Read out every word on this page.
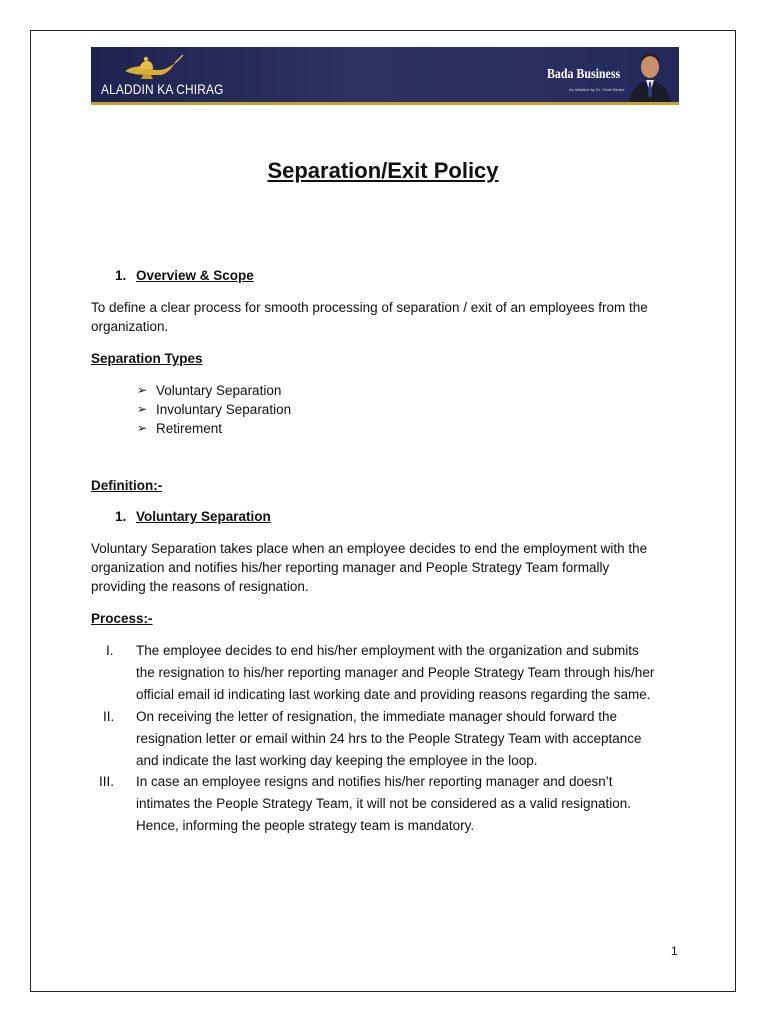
ALADDIN KA CHIRAG
Bada Business
An initiative by Dr. Vivek Bindra
Separation/Exit Policy
1. Overview & Scope
To define a clear process for smooth processing of separation / exit of an employees from the
organization.
Separation Types
➢ Voluntary Separation
➢ Involuntary Separation
➢ Retirement
Definition:-
1. Voluntary Separation
Voluntary Separation takes place when an employee decides to end the employment with the
organization and notifies his/her reporting manager and People Strategy Team formally
providing the reasons of resignation.
Process:-
I. The employee decides to end his/her employment with the organization and submits
the resignation to his/her reporting manager and People Strategy Team through his/her
official email id indicating last working date and providing reasons regarding the same.
II. On receiving the letter of resignation, the immediate manager should forward the
resignation letter or email within 24 hrs to the People Strategy Team with acceptance
and indicate the last working day keeping the employee in the loop.
III. In case an employee resigns and notifies his/her reporting manager and doesn’t
intimates the People Strategy Team, it will not be considered as a valid resignation.
Hence, informing the people strategy team is mandatory.
1
